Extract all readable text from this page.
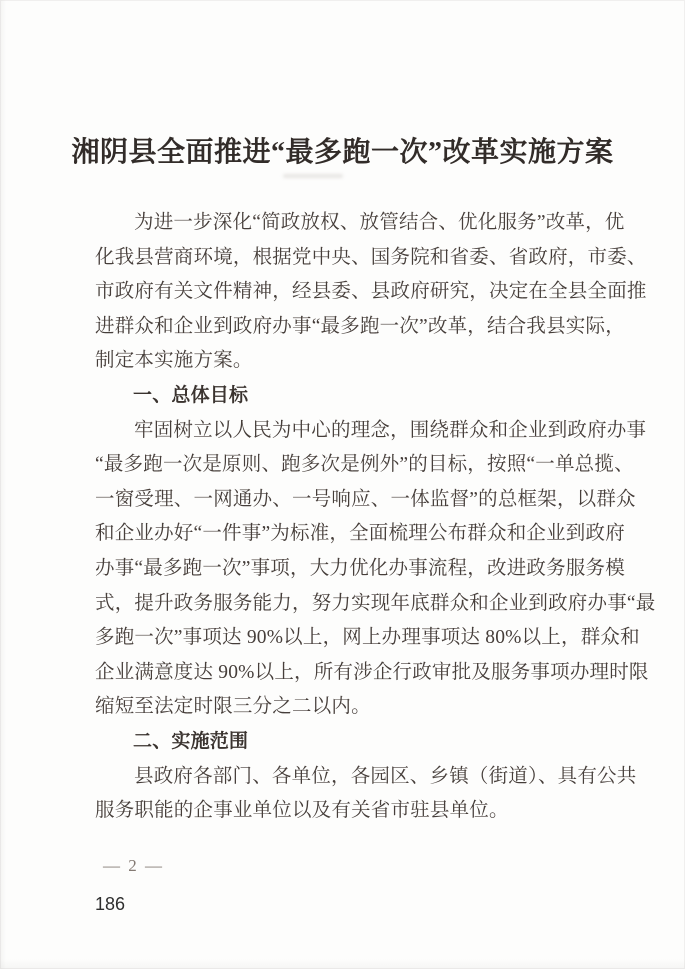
湘阴县全面推进“最多跑一次”改革实施方案
为进一步深化“简政放权、放管结合、优化服务”改革，优
化我县营商环境，根据党中央、国务院和省委、省政府，市委、
市政府有关文件精神，经县委、县政府研究，决定在全县全面推
进群众和企业到政府办事“最多跑一次”改革，结合我县实际，
制定本实施方案。
一、总体目标
牢固树立以人民为中心的理念，围绕群众和企业到政府办事
“最多跑一次是原则、跑多次是例外”的目标，按照“一单总揽、
一窗受理、一网通办、一号响应、一体监督”的总框架，以群众
和企业办好“一件事”为标准，全面梳理公布群众和企业到政府
办事“最多跑一次”事项，大力优化办事流程，改进政务服务模
式，提升政务服务能力，努力实现年底群众和企业到政府办事“最
多跑一次”事项达 90%以上，网上办理事项达 80%以上，群众和
企业满意度达 90%以上，所有涉企行政审批及服务事项办理时限
缩短至法定时限三分之二以内。
二、实施范围
县政府各部门、各单位，各园区、乡镇（街道）、具有公共
服务职能的企事业单位以及有关省市驻县单位。
— 2 —
186
